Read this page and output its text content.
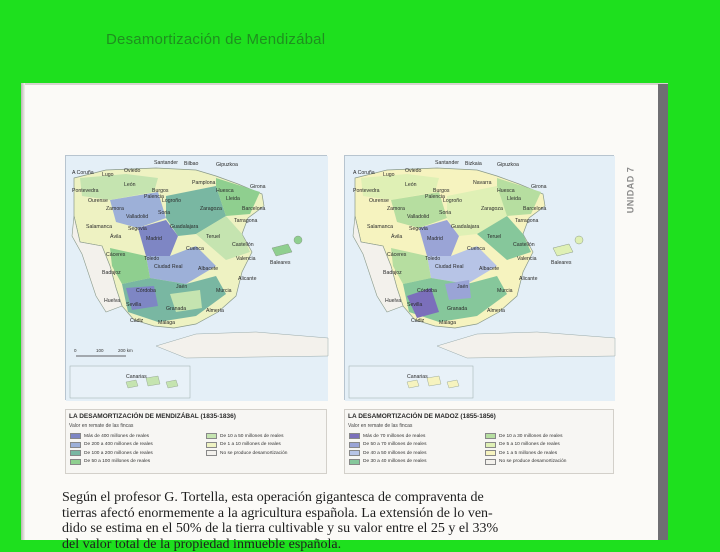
Desamortización de Mendizábal
UNIDAD 7
0	100	200 km
A Coruña Lugo
Oviedo
Santander Bilbao	Gipuzkoa
Pontevedra
Ourense
León
Burgos
Palencia
Logroño
Pamplona
Huesca
Girona
Lleida
Barcelona
Zamora
Valladolid
Soria
Zaragoza
Tarragona
Salamanca	Segovia	Guadalajara
Ávila	Madrid	Teruel
Cuenca
Castellón
Cáceres
Toledo	Valencia
Ciudad Real	Albacete
Badajoz
Baleares
Alicante
Córdoba
Jaén
Murcia
Huelva
Sevilla
Granada	Almería
Cádiz	Málaga
Canarias
A Coruña Lugo
Oviedo
Santander Bizkaia	Gipuzkoa
Pontevedra
Ourense
León
Burgos
Palencia
Logroño
Navarra
Huesca
Girona
Lleida
Barcelona
Zamora
Valladolid
Soria
Zaragoza
Tarragona
Salamanca	Segovia	Guadalajara
Ávila	Madrid	Teruel
Cuenca
Castellón
Cáceres
Toledo	Valencia
Ciudad Real	Albacete
Badajoz
Baleares
Alicante
Córdoba
Jaén
Murcia
Huelva
Sevilla
Granada	Almería
Cádiz	Málaga
Canarias
LA DESAMORTIZACIÓN DE MENDIZÁBAL (1835-1836)
Valor en remate de las fincas
Más de 400 millones de reales
De 200 a 400 millones de reales
De 100 a 200 millones de reales
De 50 a 100 millones de reales
De 10 a 50 millones de reales
De 1 a 10 millones de reales
No se produce desamortización
LA DESAMORTIZACIÓN DE MADOZ (1855-1856)
Valor en remate de las fincas
Más de 70 millones de reales
De 50 a 70 millones de reales
De 40 a 50 millones de reales
De 30 a 40 millones de reales
De 10 a 30 millones de reales
De 5 a 10 millones de reales
De 1 a 5 millones de reales
No se produce desamortización

Según el profesor G. Tortella, esta operación gigantesca de compraventa de

tierras afectó enormemente a la agricultura española. La extensión de lo ven-

dido se estima en el 50% de la tierra cultivable y su valor entre el 25 y el 33%

del valor total de la propiedad inmueble española.
